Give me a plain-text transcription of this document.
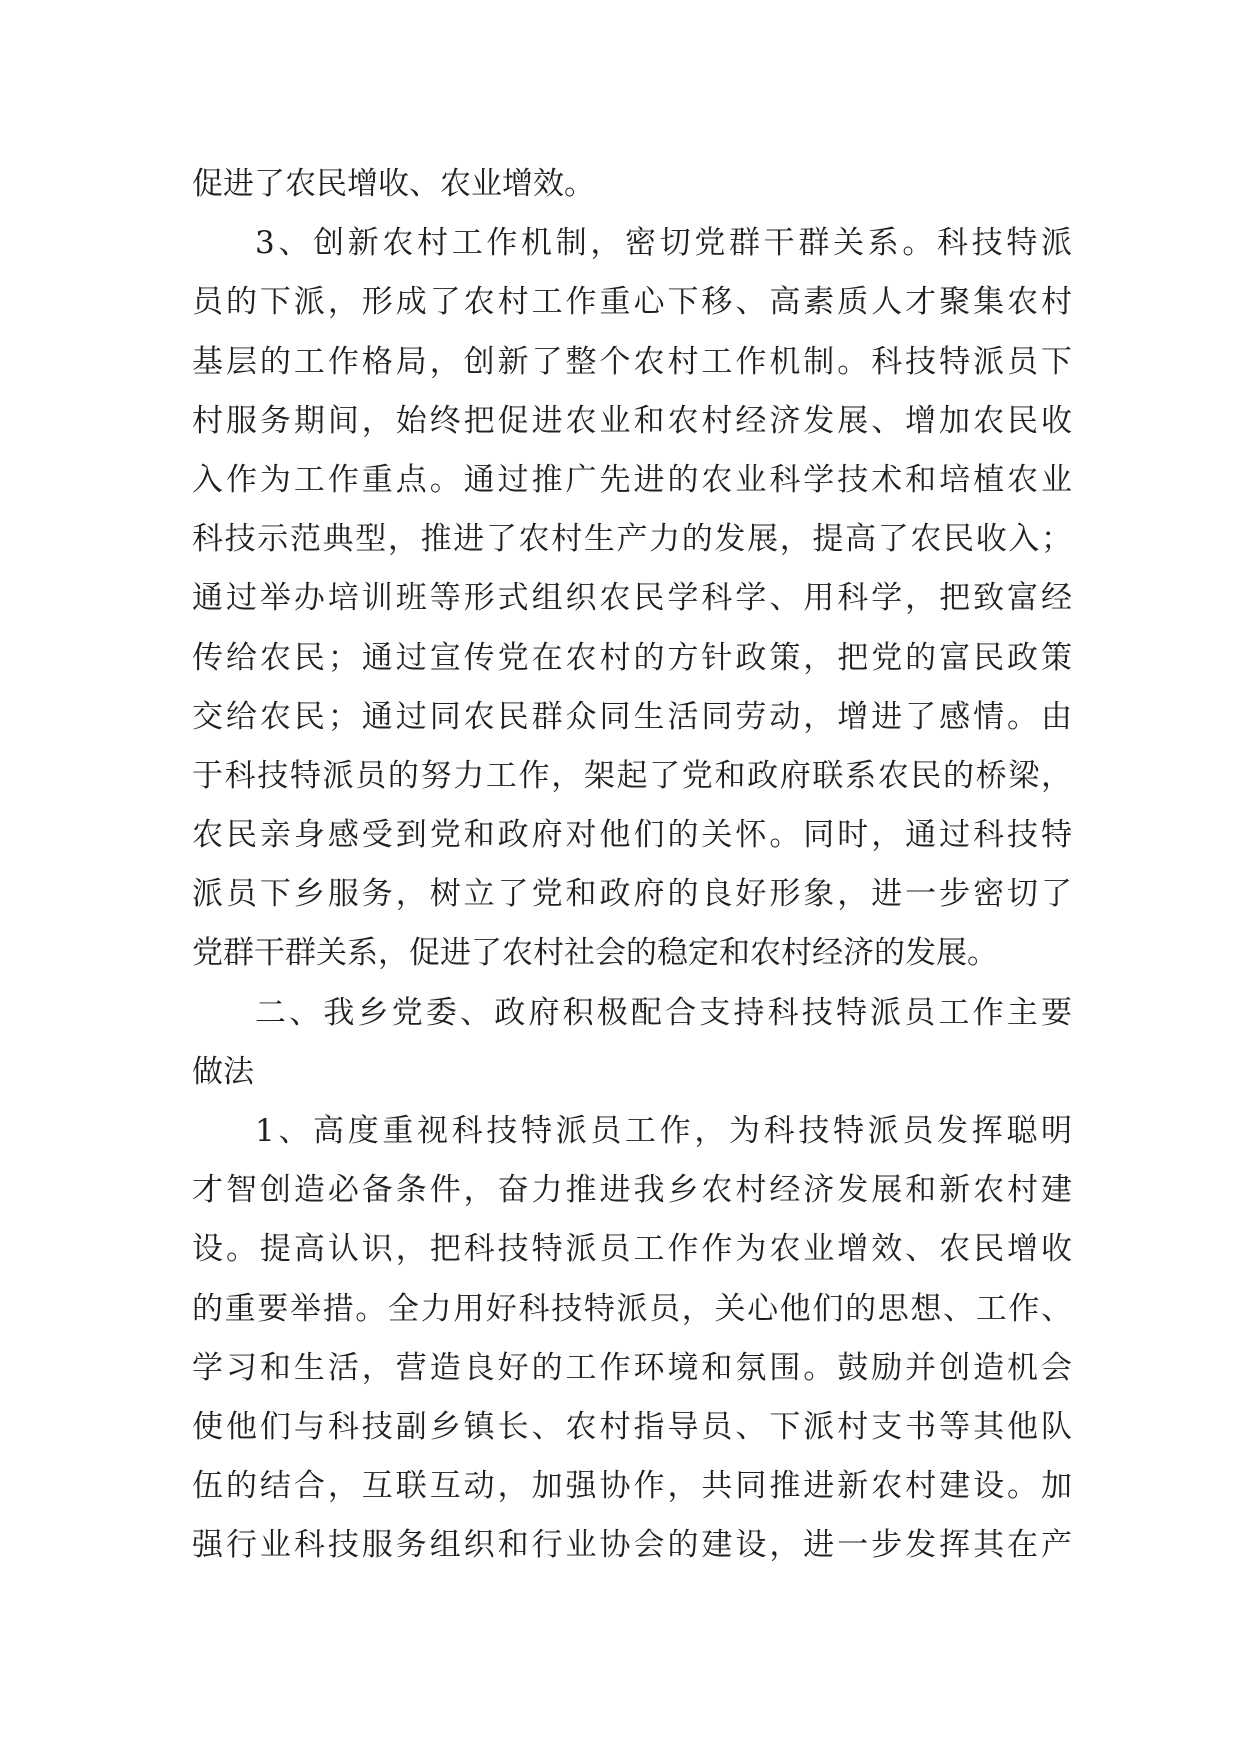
促进了农民增收、农业增效。
3、创新农村工作机制，密切党群干群关系。科技特派
员的下派，形成了农村工作重心下移、高素质人才聚集农村
基层的工作格局，创新了整个农村工作机制。科技特派员下
村服务期间，始终把促进农业和农村经济发展、增加农民收
入作为工作重点。通过推广先进的农业科学技术和培植农业
科技示范典型，推进了农村生产力的发展，提高了农民收入；
通过举办培训班等形式组织农民学科学、用科学，把致富经
传给农民；通过宣传党在农村的方针政策，把党的富民政策
交给农民；通过同农民群众同生活同劳动，增进了感情。由
于科技特派员的努力工作，架起了党和政府联系农民的桥梁，
农民亲身感受到党和政府对他们的关怀。同时，通过科技特
派员下乡服务，树立了党和政府的良好形象，进一步密切了
党群干群关系，促进了农村社会的稳定和农村经济的发展。
二、我乡党委、政府积极配合支持科技特派员工作主要
做法
1、高度重视科技特派员工作，为科技特派员发挥聪明
才智创造必备条件，奋力推进我乡农村经济发展和新农村建
设。提高认识，把科技特派员工作作为农业增效、农民增收
的重要举措。全力用好科技特派员，关心他们的思想、工作、
学习和生活，营造良好的工作环境和氛围。鼓励并创造机会
使他们与科技副乡镇长、农村指导员、下派村支书等其他队
伍的结合，互联互动，加强协作，共同推进新农村建设。加
强行业科技服务组织和行业协会的建设，进一步发挥其在产
